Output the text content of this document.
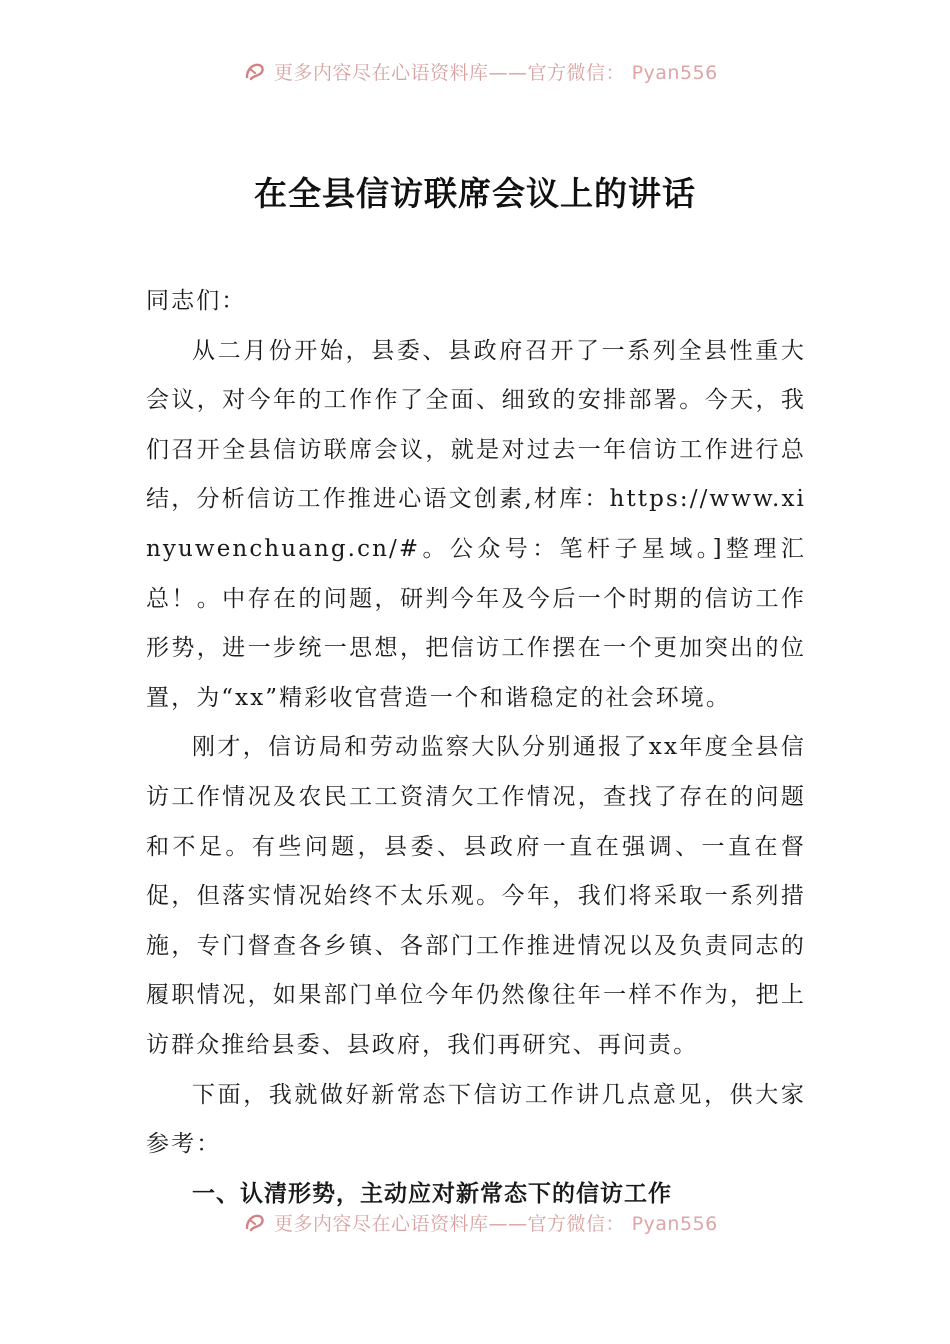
更多内容尽在心语资料库——官方微信： Pyan556
在全县信访联席会议上的讲话

同志们：

从二月份开始，县委、县政府召开了一系列全县性重大会议，对今年的工作作了全面、细致的安排部署。今天，我们召开全县信访联席会议，就是对过去一年信访工作进行总结，分析信访工作推进心语文创素,材库：https://www.xinyuwenchuang.cn/#。公众号：笔杆子星域。]整理汇总！。中存在的问题，研判今年及今后一个时期的信访工作形势，进一步统一思想，把信访工作摆在一个更加突出的位置，为“xx”精彩收官营造一个和谐稳定的社会环境。

刚才，信访局和劳动监察大队分别通报了xx年度全县信访工作情况及农民工工资清欠工作情况，查找了存在的问题和不足。有些问题，县委、县政府一直在强调、一直在督促，但落实情况始终不太乐观。今年，我们将采取一系列措施，专门督查各乡镇、各部门工作推进情况以及负责同志的履职情况，如果部门单位今年仍然像往年一样不作为，把上访群众推给县委、县政府，我们再研究、再问责。

下面，我就做好新常态下信访工作讲几点意见，供大家参考：

一、认清形势，主动应对新常态下的信访工作

更多内容尽在心语资料库——官方微信： Pyan556
